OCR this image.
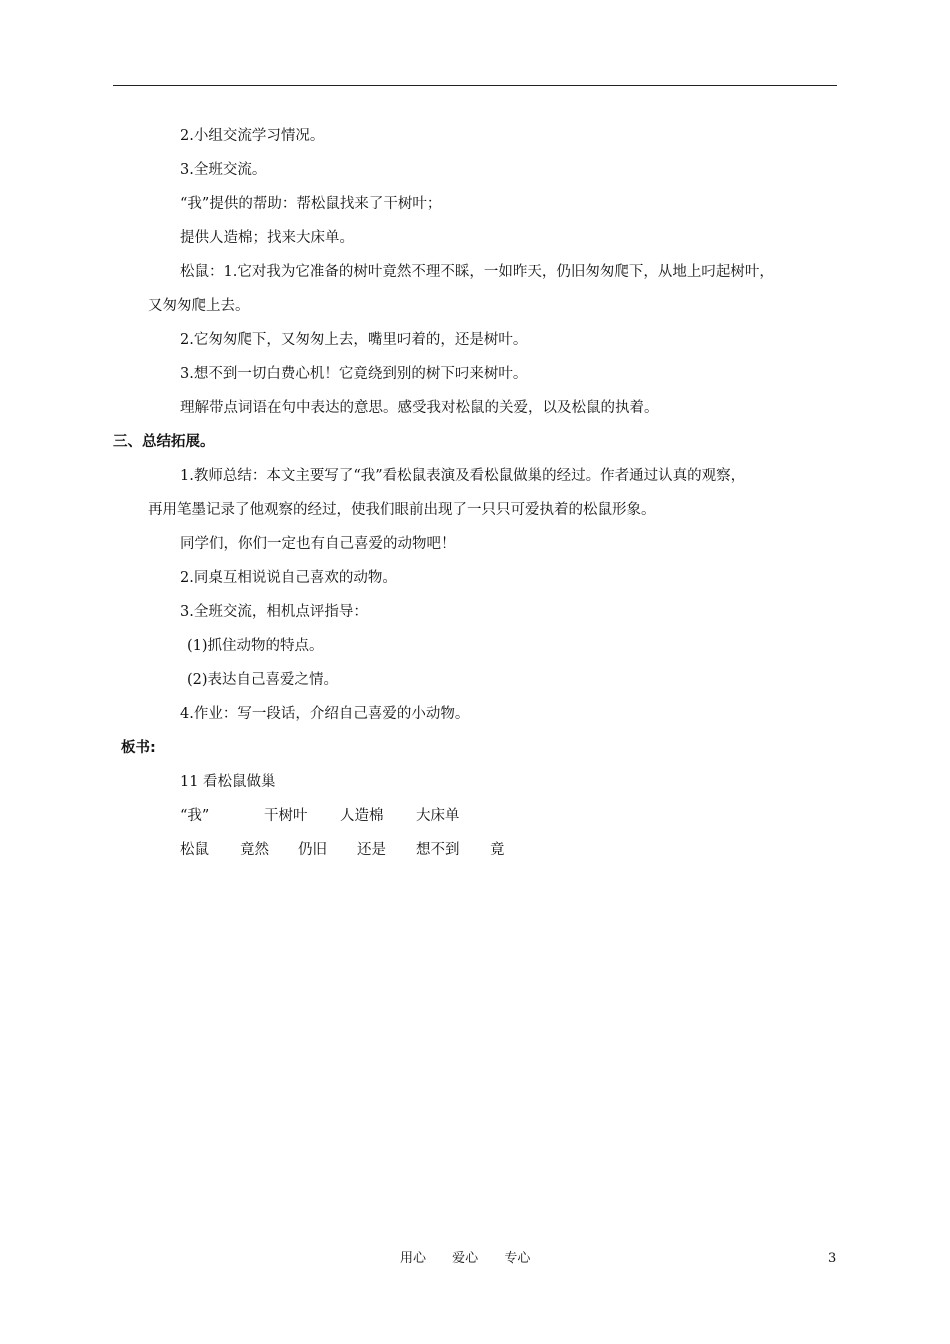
2.小组交流学习情况。
3.全班交流。
“我”提供的帮助：帮松鼠找来了干树叶；
提供人造棉；找来大床单。
松鼠：1.它对我为它准备的树叶竟然不理不睬，一如昨天，仍旧匆匆爬下，从地上叼起树叶，
又匆匆爬上去。
2.它匆匆爬下，又匆匆上去，嘴里叼着的，还是树叶。
3.想不到一切白费心机！它竟绕到别的树下叼来树叶。
理解带点词语在句中表达的意思。感受我对松鼠的关爱，以及松鼠的执着。
三、总结拓展。
1.教师总结：本文主要写了“我”看松鼠表演及看松鼠做巢的经过。作者通过认真的观察，
再用笔墨记录了他观察的经过，使我们眼前出现了一只只可爱执着的松鼠形象。
同学们，你们一定也有自己喜爱的动物吧！
2.同桌互相说说自己喜欢的动物。
3.全班交流，相机点评指导：
(1)抓住动物的特点。
(2)表达自己喜爱之情。
4.作业：写一段话，介绍自己喜爱的小动物。
板书:
11 看松鼠做巢
“我”	干树叶 人造棉 大床单
松鼠 竟然 仍旧 还是 想不到 竟
用心 爱心 专心	3
